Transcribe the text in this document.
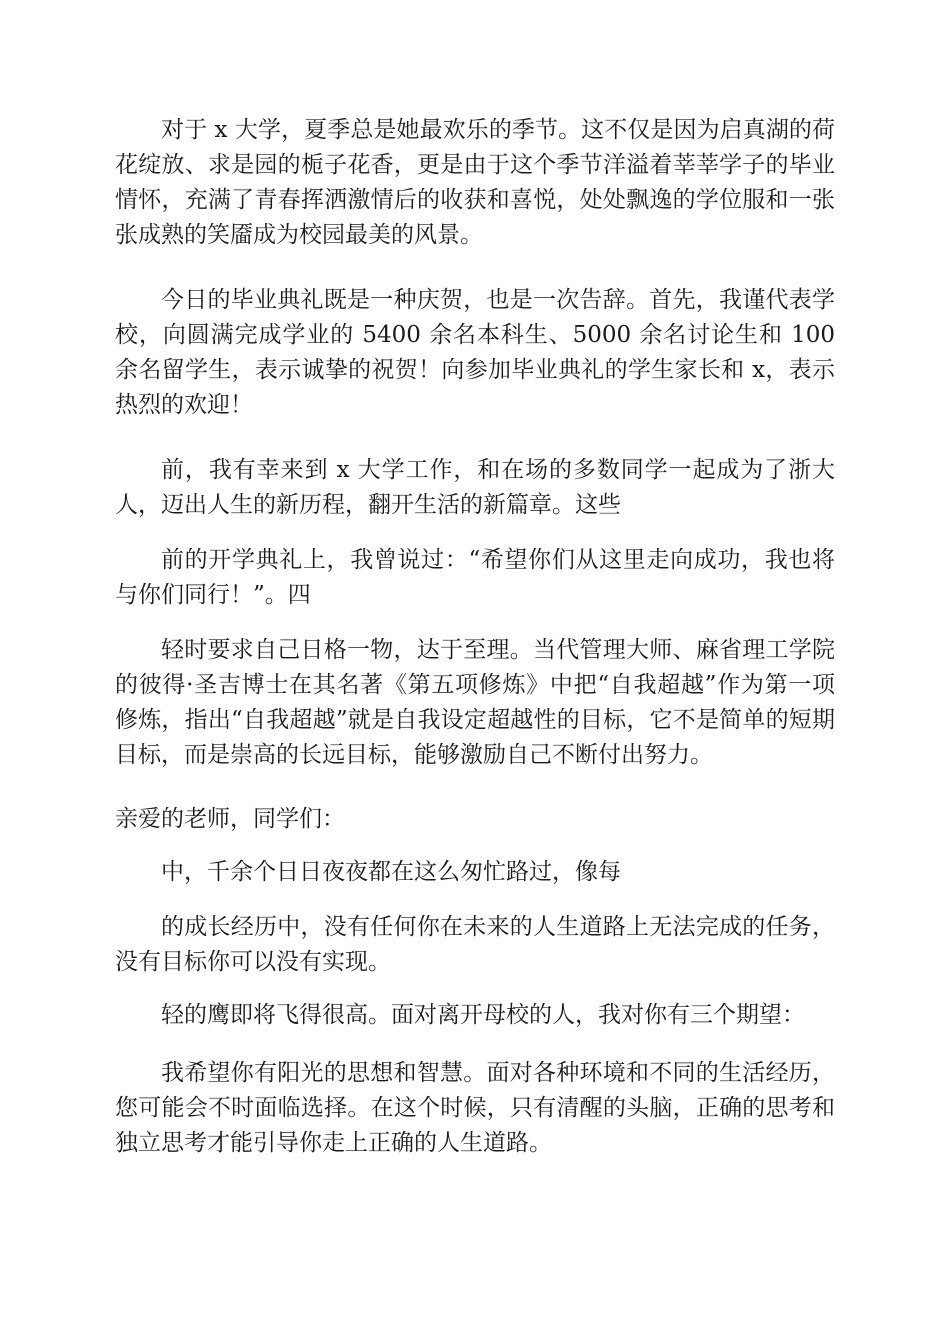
对于 x 大学，夏季总是她最欢乐的季节。这不仅是因为启真湖的荷花绽放、求是园的栀子花香，更是由于这个季节洋溢着莘莘学子的毕业情怀，充满了青春挥洒激情后的收获和喜悦，处处飘逸的学位服和一张张成熟的笑靥成为校园最美的风景。

今日的毕业典礼既是一种庆贺，也是一次告辞。首先，我谨代表学校，向圆满完成学业的 5400 余名本科生、5000 余名讨论生和 100 余名留学生，表示诚挚的祝贺！向参加毕业典礼的学生家长和 x，表示热烈的欢迎！

前，我有幸来到 x 大学工作，和在场的多数同学一起成为了浙大人，迈出人生的新历程，翻开生活的新篇章。这些

前的开学典礼上，我曾说过：“希望你们从这里走向成功，我也将与你们同行！”。四

轻时要求自己日格一物，达于至理。当代管理大师、麻省理工学院的彼得·圣吉博士在其名著《第五项修炼》中把“自我超越”作为第一项修炼，指出“自我超越”就是自我设定超越性的目标，它不是简单的短期目标，而是崇高的长远目标，能够激励自己不断付出努力。

亲爱的老师，同学们：

中，千余个日日夜夜都在这么匆忙路过，像每

的成长经历中，没有任何你在未来的人生道路上无法完成的任务，没有目标你可以没有实现。

轻的鹰即将飞得很高。面对离开母校的人，我对你有三个期望：

我希望你有阳光的思想和智慧。面对各种环境和不同的生活经历，您可能会不时面临选择。在这个时候，只有清醒的头脑，正确的思考和独立思考才能引导你走上正确的人生道路。
